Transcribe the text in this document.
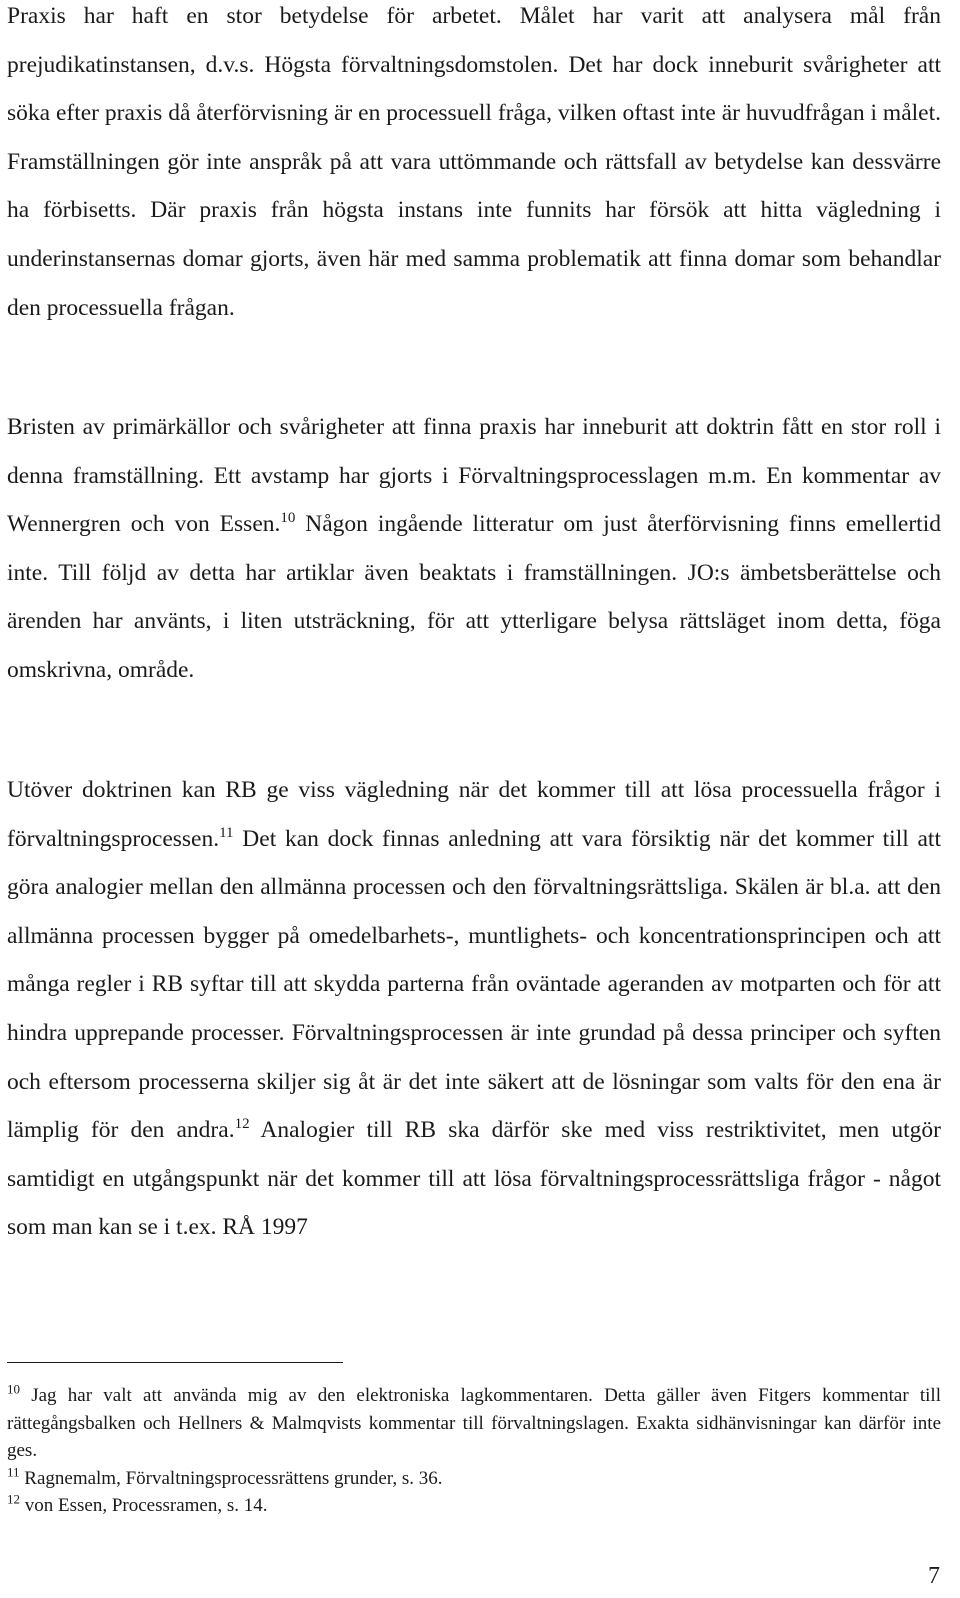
Praxis har haft en stor betydelse för arbetet. Målet har varit att analysera mål från prejudikatinstansen, d.v.s. Högsta förvaltningsdomstolen. Det har dock inneburit svårigheter att söka efter praxis då återförvisning är en processuell fråga, vilken oftast inte är huvudfrågan i målet. Framställningen gör inte anspråk på att vara uttömmande och rättsfall av betydelse kan dessvärre ha förbisetts. Där praxis från högsta instans inte funnits har försök att hitta vägledning i underinstansernas domar gjorts, även här med samma problematik att finna domar som behandlar den processuella frågan.

Bristen av primärkällor och svårigheter att finna praxis har inneburit att doktrin fått en stor roll i denna framställning. Ett avstamp har gjorts i Förvaltningsprocesslagen m.m. En kommentar av Wennergren och von Essen.$^{10}$ Någon ingående litteratur om just återförvisning finns emellertid inte. Till följd av detta har artiklar även beaktats i framställningen. JO:s ämbetsberättelse och ärenden har använts, i liten utsträckning, för att ytterligare belysa rättsläget inom detta, föga omskrivna, område.

Utöver doktrinen kan RB ge viss vägledning när det kommer till att lösa processuella frågor i förvaltningsprocessen.$^{11}$ Det kan dock finnas anledning att vara försiktig när det kommer till att göra analogier mellan den allmänna processen och den förvaltningsrättsliga. Skälen är bl.a. att den allmänna processen bygger på omedelbarhets-, muntlighets- och koncentrationsprincipen och att många regler i RB syftar till att skydda parterna från oväntade ageranden av motparten och för att hindra upprepande processer. Förvaltningsprocessen är inte grundad på dessa principer och syften och eftersom processerna skiljer sig åt är det inte säkert att de lösningar som valts för den ena är lämplig för den andra.$^{12}$ Analogier till RB ska därför ske med viss restriktivitet, men utgör samtidigt en utgångspunkt när det kommer till att lösa förvaltningsprocessrättsliga frågor - något som man kan se i t.ex. RÅ 1997

$^{10}$ Jag har valt att använda mig av den elektroniska lagkommentaren. Detta gäller även Fitgers kommentar till rättegångsbalken och Hellners & Malmqvists kommentar till förvaltningslagen. Exakta sidhänvisningar kan därför inte ges.

$^{11}$ Ragnemalm, Förvaltningsprocessrättens grunder, s. 36.

$^{12}$ von Essen, Processramen, s. 14.

7
